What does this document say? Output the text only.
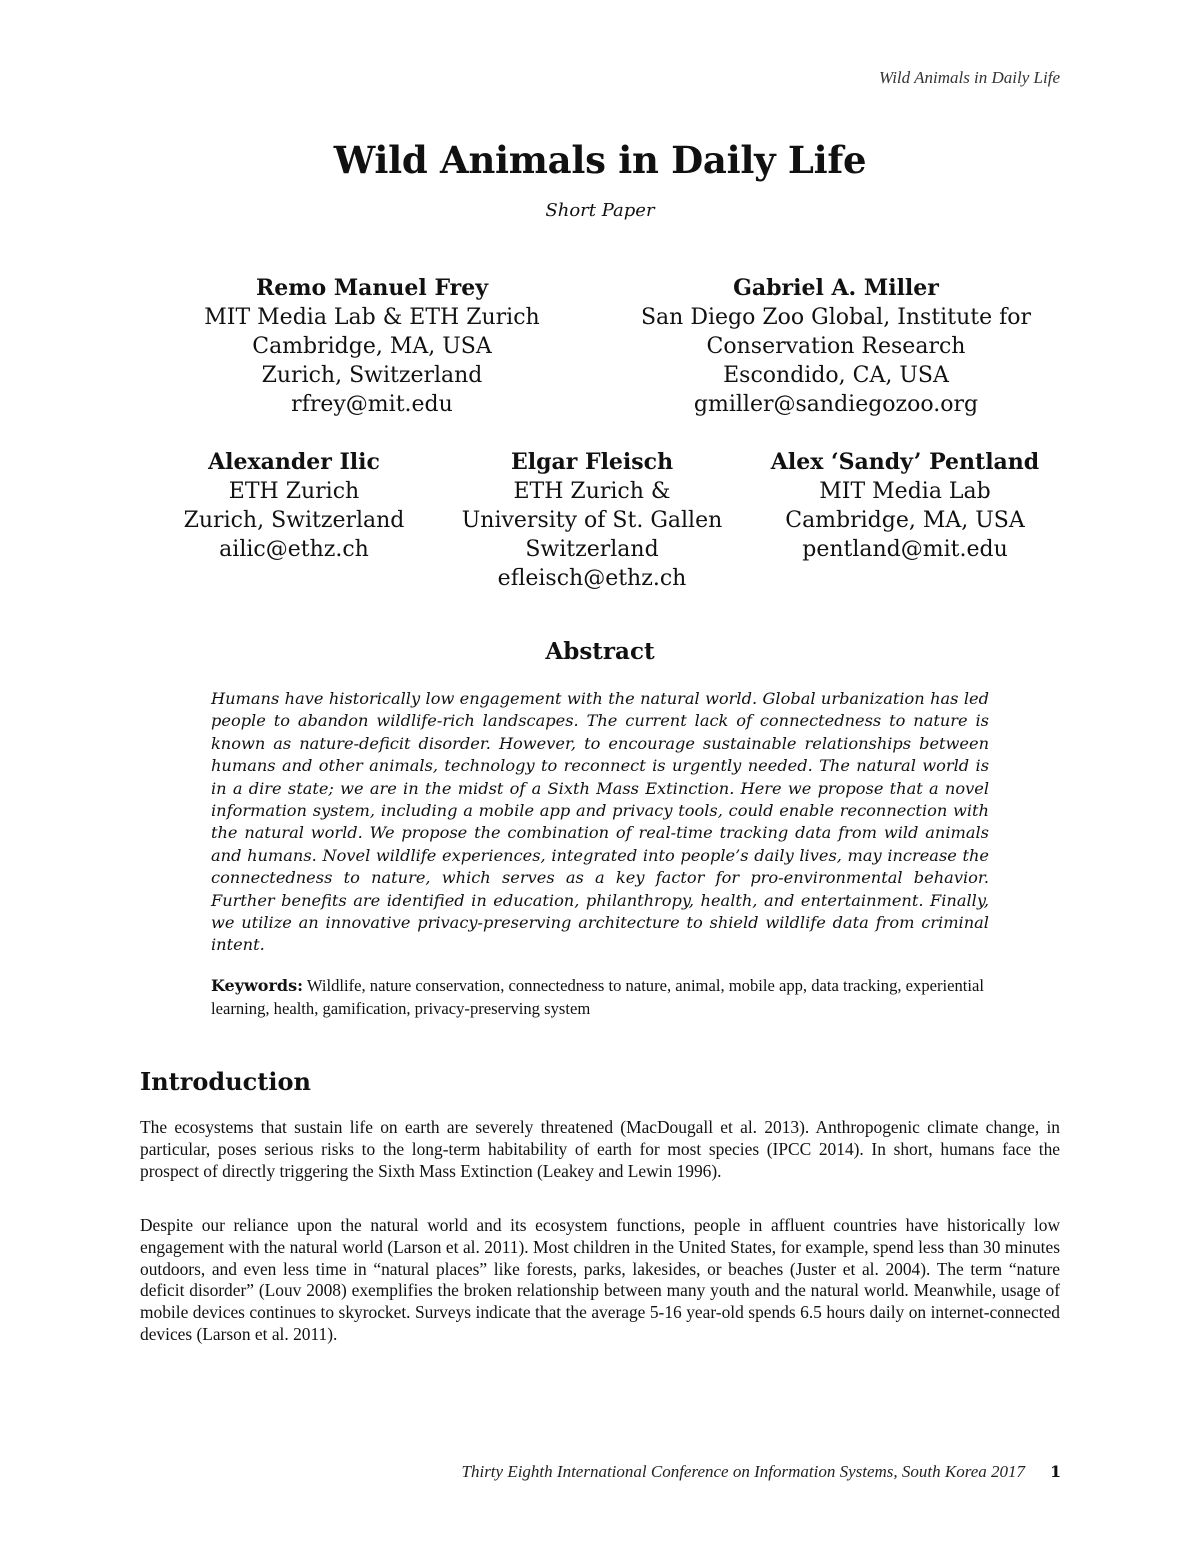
Wild Animals in Daily Life
Wild Animals in Daily Life
Short Paper
Remo Manuel Frey
MIT Media Lab & ETH Zurich
Cambridge, MA, USA
Zurich, Switzerland
rfrey@mit.edu
Gabriel A. Miller
San Diego Zoo Global, Institute for
Conservation Research
Escondido, CA, USA
gmiller@sandiegozoo.org
Alexander Ilic
ETH Zurich
Zurich, Switzerland
ailic@ethz.ch
Elgar Fleisch
ETH Zurich &
University of St. Gallen
Switzerland
efleisch@ethz.ch
Alex ‘Sandy’ Pentland
MIT Media Lab
Cambridge, MA, USA
pentland@mit.edu
Abstract
Humans have historically low engagement with the natural world. Global urbanization has led people to abandon wildlife-rich landscapes. The current lack of connectedness to nature is known as nature-deficit disorder. However, to encourage sustainable relationships between humans and other animals, technology to reconnect is urgently needed. The natural world is in a dire state; we are in the midst of a Sixth Mass Extinction. Here we propose that a novel information system, including a mobile app and privacy tools, could enable reconnection with the natural world. We propose the combination of real-time tracking data from wild animals and humans. Novel wildlife experiences, integrated into people’s daily lives, may increase the connectedness to nature, which serves as a key factor for pro-environmental behavior. Further benefits are identified in education, philanthropy, health, and entertainment. Finally, we utilize an innovative privacy-preserving architecture to shield wildlife data from criminal intent.
Keywords: Wildlife, nature conservation, connectedness to nature, animal, mobile app, data tracking, experiential learning, health, gamification, privacy-preserving system
Introduction
The ecosystems that sustain life on earth are severely threatened (MacDougall et al. 2013). Anthropogenic climate change, in particular, poses serious risks to the long-term habitability of earth for most species (IPCC 2014). In short, humans face the prospect of directly triggering the Sixth Mass Extinction (Leakey and Lewin 1996).
Despite our reliance upon the natural world and its ecosystem functions, people in affluent countries have historically low engagement with the natural world (Larson et al. 2011). Most children in the United States, for example, spend less than 30 minutes outdoors, and even less time in “natural places” like forests, parks, lakesides, or beaches (Juster et al. 2004). The term “nature deficit disorder” (Louv 2008) exemplifies the broken relationship between many youth and the natural world. Meanwhile, usage of mobile devices continues to skyrocket. Surveys indicate that the average 5-16 year-old spends 6.5 hours daily on internet-connected devices (Larson et al. 2011).
Thirty Eighth International Conference on Information Systems, South Korea 2017 1
